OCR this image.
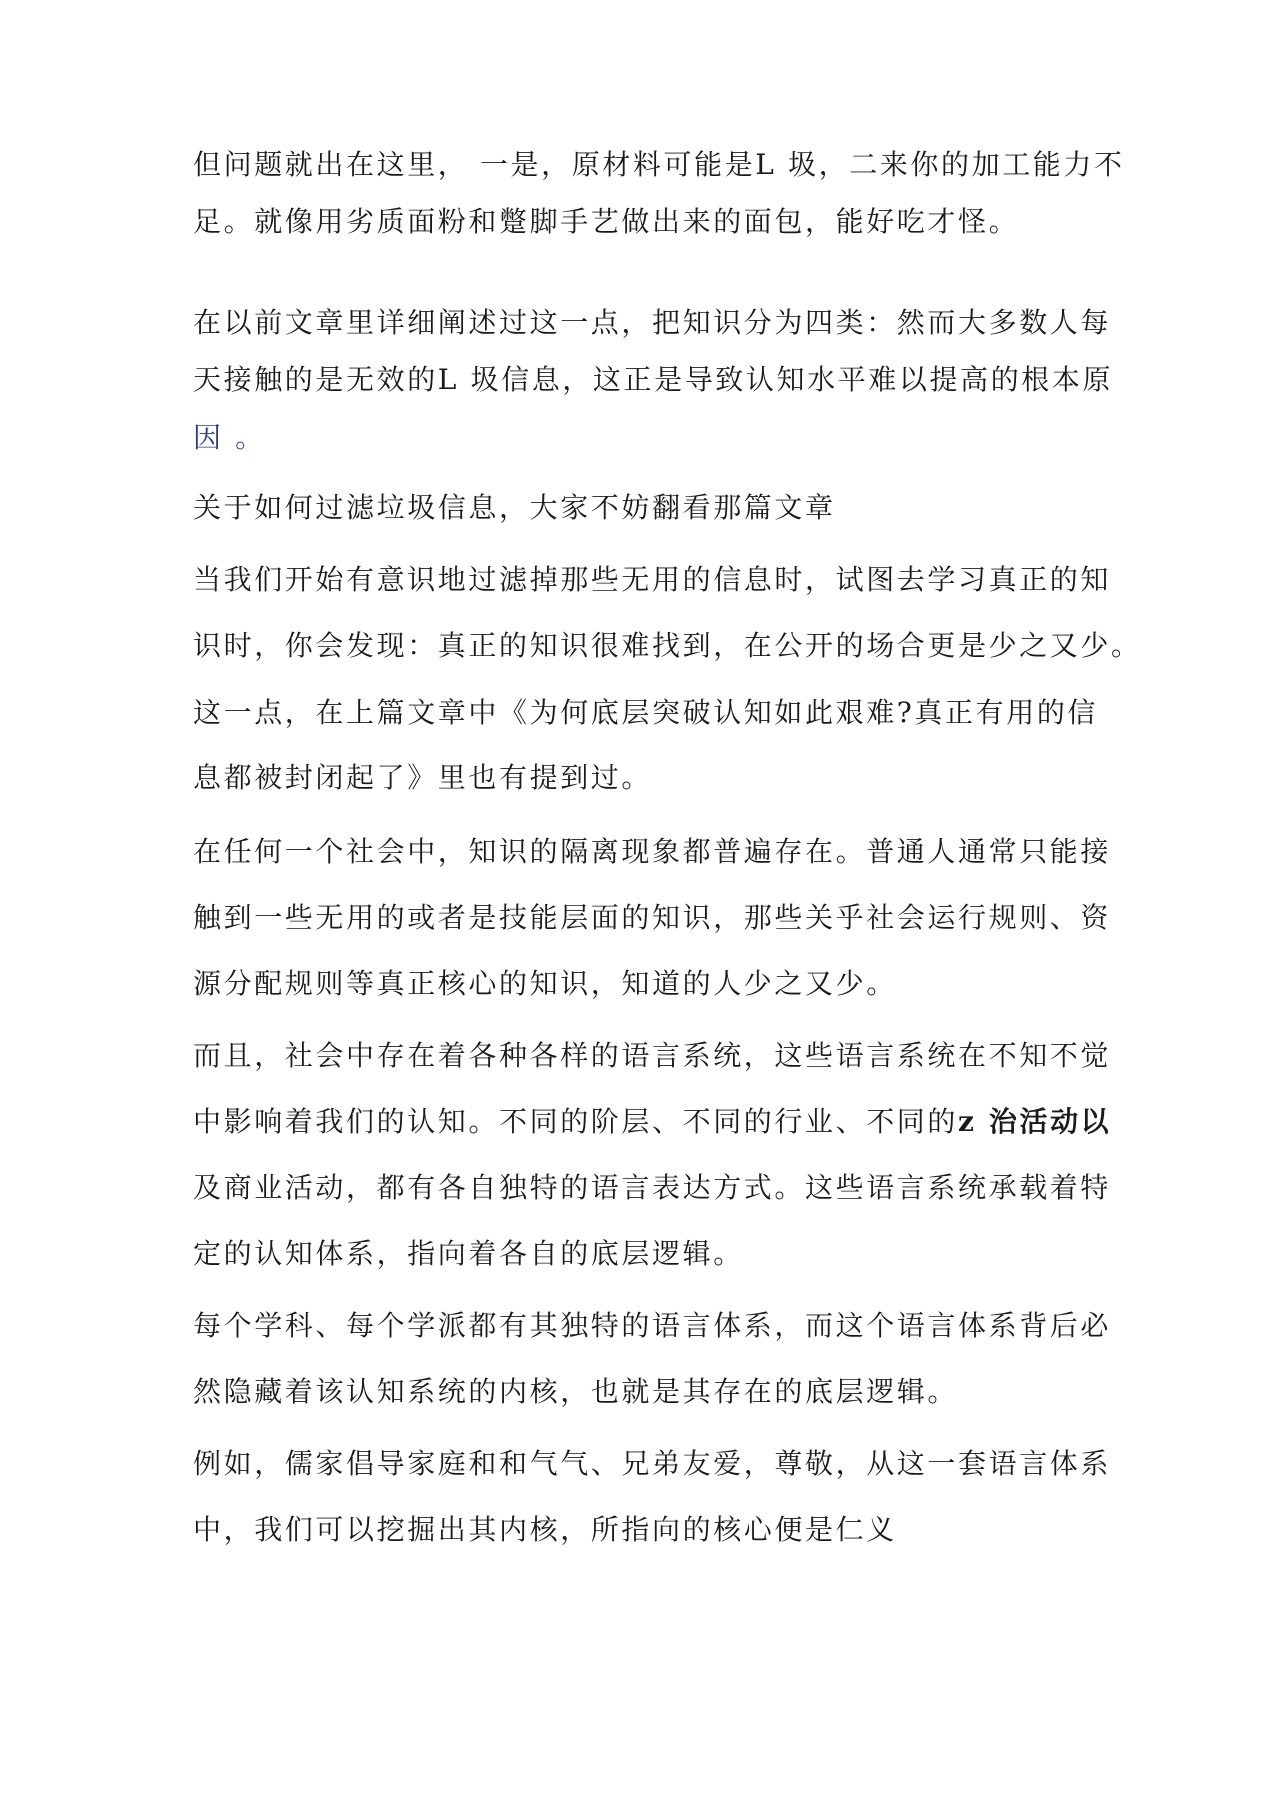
但问题就出在这里， 一是，原材料可能是L 圾，二来你的加工能力不

足。就像用劣质面粉和蹩脚手艺做出来的面包，能好吃才怪。

在以前文章里详细阐述过这一点，把知识分为四类：然而大多数人每

天接触的是无效的L 圾信息，这正是导致认知水平难以提高的根本原

因 。

关于如何过滤垃圾信息，大家不妨翻看那篇文章

当我们开始有意识地过滤掉那些无用的信息时，试图去学习真正的知

识时，你会发现：真正的知识很难找到，在公开的场合更是少之又少。

这一点，在上篇文章中《为何底层突破认知如此艰难?真正有用的信

息都被封闭起了》里也有提到过。

在任何一个社会中，知识的隔离现象都普遍存在。普通人通常只能接

触到一些无用的或者是技能层面的知识，那些关乎社会运行规则、资

源分配规则等真正核心的知识，知道的人少之又少。

而且，社会中存在着各种各样的语言系统，这些语言系统在不知不觉

中影响着我们的认知。不同的阶层、不同的行业、不同的z 治活动以

及商业活动，都有各自独特的语言表达方式。这些语言系统承载着特

定的认知体系，指向着各自的底层逻辑。

每个学科、每个学派都有其独特的语言体系，而这个语言体系背后必

然隐藏着该认知系统的内核，也就是其存在的底层逻辑。

例如，儒家倡导家庭和和气气、兄弟友爱，尊敬，从这一套语言体系

中，我们可以挖掘出其内核，所指向的核心便是仁义
